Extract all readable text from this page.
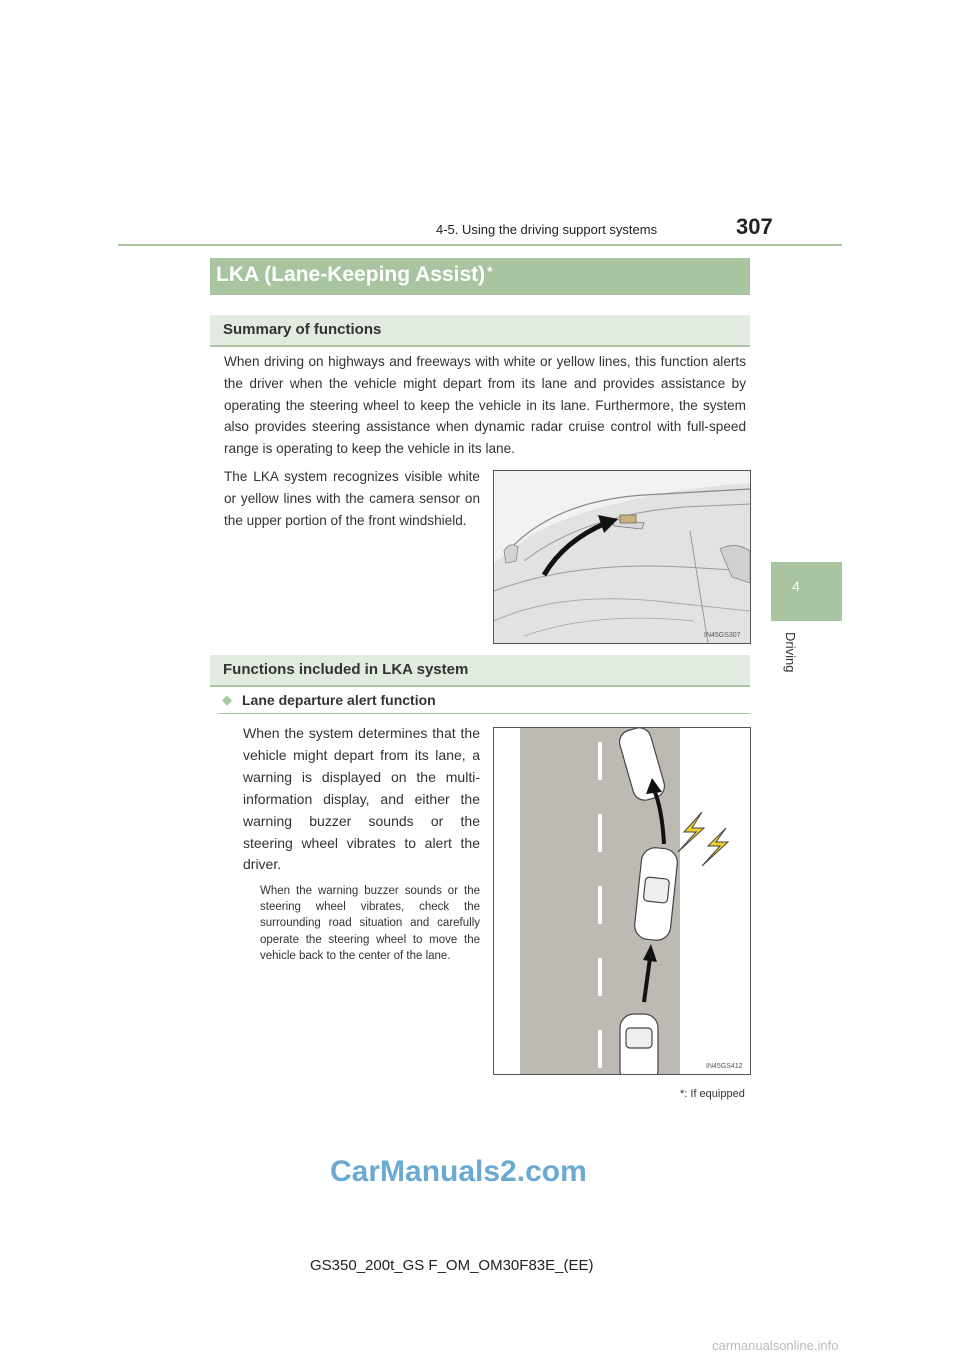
4-5. Using the driving support systems	307
4
Driving
LKA (Lane-Keeping Assist) *
Summary of functions
When driving on highways and freeways with white or yellow lines, this function alerts the driver when the vehicle might depart from its lane and provides assistance by operating the steering wheel to keep the vehicle in its lane. Furthermore, the system also provides steering assistance when dynamic radar cruise control with full-speed range is operating to keep the vehicle in its lane.
The LKA system recognizes visible white or yellow lines with the camera sensor on the upper portion of the front windshield.
IN45GS307
Functions included in LKA system
◆ Lane departure alert function
When the system determines that the vehicle might depart from its lane, a warning is displayed on the multi-information display, and either the warning buzzer sounds or the steering wheel vibrates to alert the driver.
When the warning buzzer sounds or the steering wheel vibrates, check the surrounding road situation and carefully operate the steering wheel to move the vehicle back to the center of the lane.
IN45GS412
*: If equipped
CarManuals2.com
GS350_200t_GS F_OM_OM30F83E_(EE)
carmanualsonline.info
